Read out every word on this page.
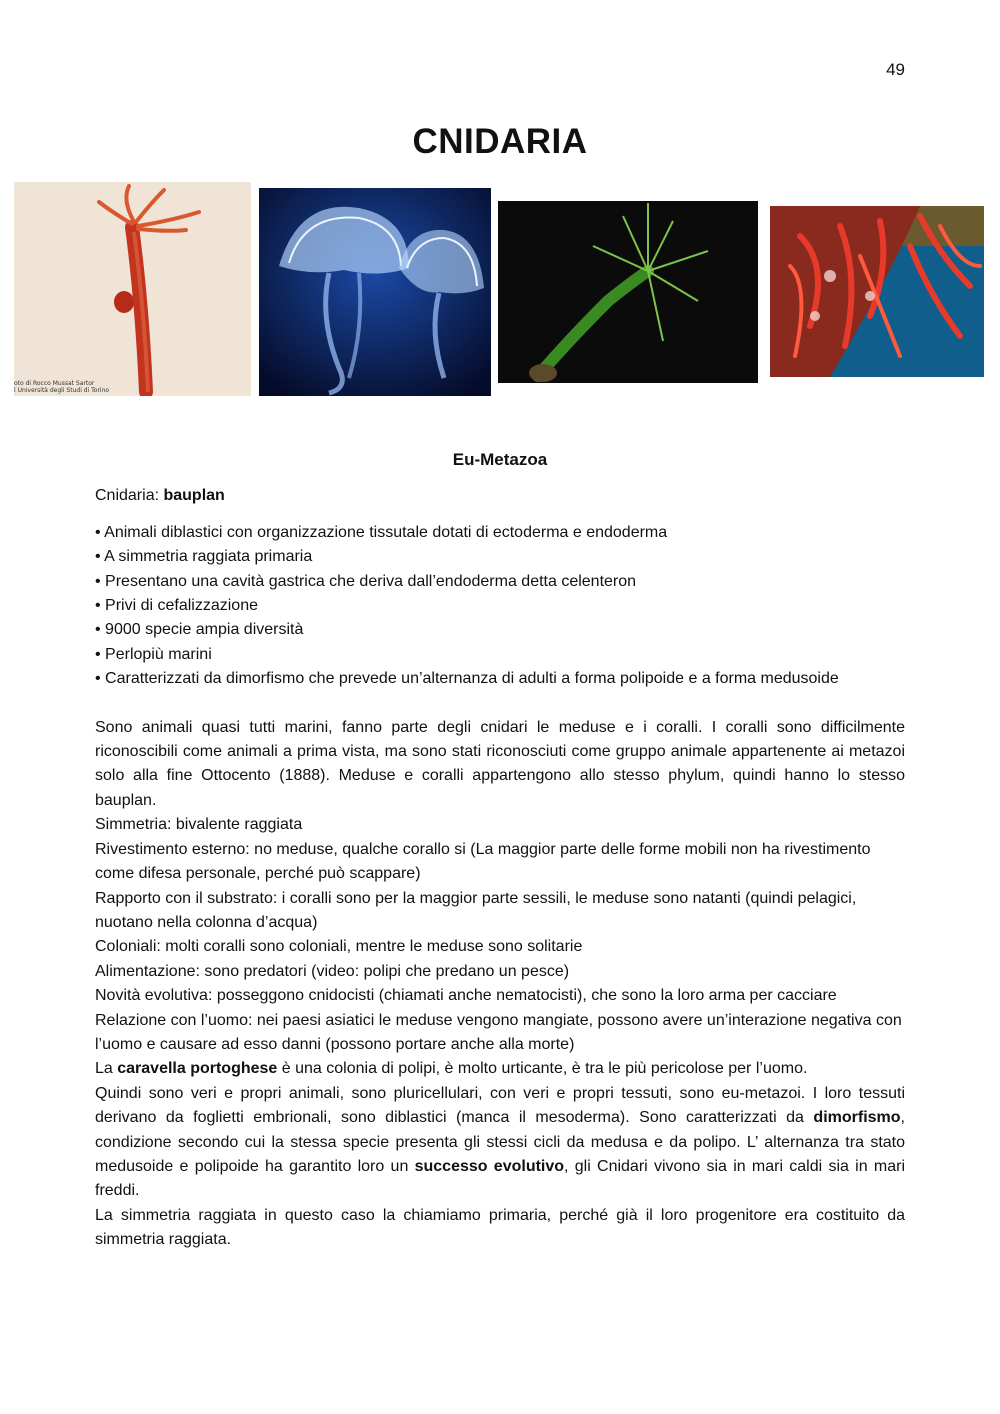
49
CNIDARIA
oto di Rocco Mussat Sartor
l Università degli Studi di Torino
Eu-Metazoa
Cnidaria: bauplan
• Animali diblastici con organizzazione tissutale dotati di ectoderma e endoderma
• A simmetria raggiata primaria
• Presentano una cavità gastrica che deriva dall’endoderma detta celenteron
• Privi di cefalizzazione
• 9000 specie ampia diversità
• Perlopiù marini
• Caratterizzati da dimorfismo che prevede un’alternanza di adulti a forma polipoide e a forma medusoide

Sono animali quasi tutti marini, fanno parte degli cnidari le meduse e i coralli. I coralli sono difficilmente riconoscibili come animali a prima vista, ma sono stati riconosciuti come gruppo animale appartenente ai metazoi solo alla fine Ottocento (1888). Meduse e coralli appartengono allo stesso phylum, quindi hanno lo stesso bauplan.

Simmetria: bivalente raggiata

Rivestimento esterno: no meduse, qualche corallo si (La maggior parte delle forme mobili non ha rivestimento come difesa personale, perché può scappare)

Rapporto con il substrato: i coralli sono per la maggior parte sessili, le meduse sono natanti (quindi pelagici, nuotano nella colonna d’acqua)

Coloniali: molti coralli sono coloniali, mentre le meduse sono solitarie

Alimentazione: sono predatori (video: polipi che predano un pesce)

Novità evolutiva: posseggono cnidocisti (chiamati anche nematocisti), che sono la loro arma per cacciare

Relazione con l’uomo: nei paesi asiatici le meduse vengono mangiate, possono avere un’interazione negativa con l’uomo e causare ad esso danni (possono portare anche alla morte)

La caravella portoghese è una colonia di polipi, è molto urticante, è tra le più pericolose per l’uomo.

Quindi sono veri e propri animali, sono pluricellulari, con veri e propri tessuti, sono eu-metazoi. I loro tessuti derivano da foglietti embrionali, sono diblastici (manca il mesoderma). Sono caratterizzati da dimorfismo, condizione secondo cui la stessa specie presenta gli stessi cicli da medusa e da polipo. L’ alternanza tra stato medusoide e polipoide ha garantito loro un successo evolutivo, gli Cnidari vivono sia in mari caldi sia in mari freddi.

La simmetria raggiata in questo caso la chiamiamo primaria, perché già il loro progenitore era costituito da simmetria raggiata.
